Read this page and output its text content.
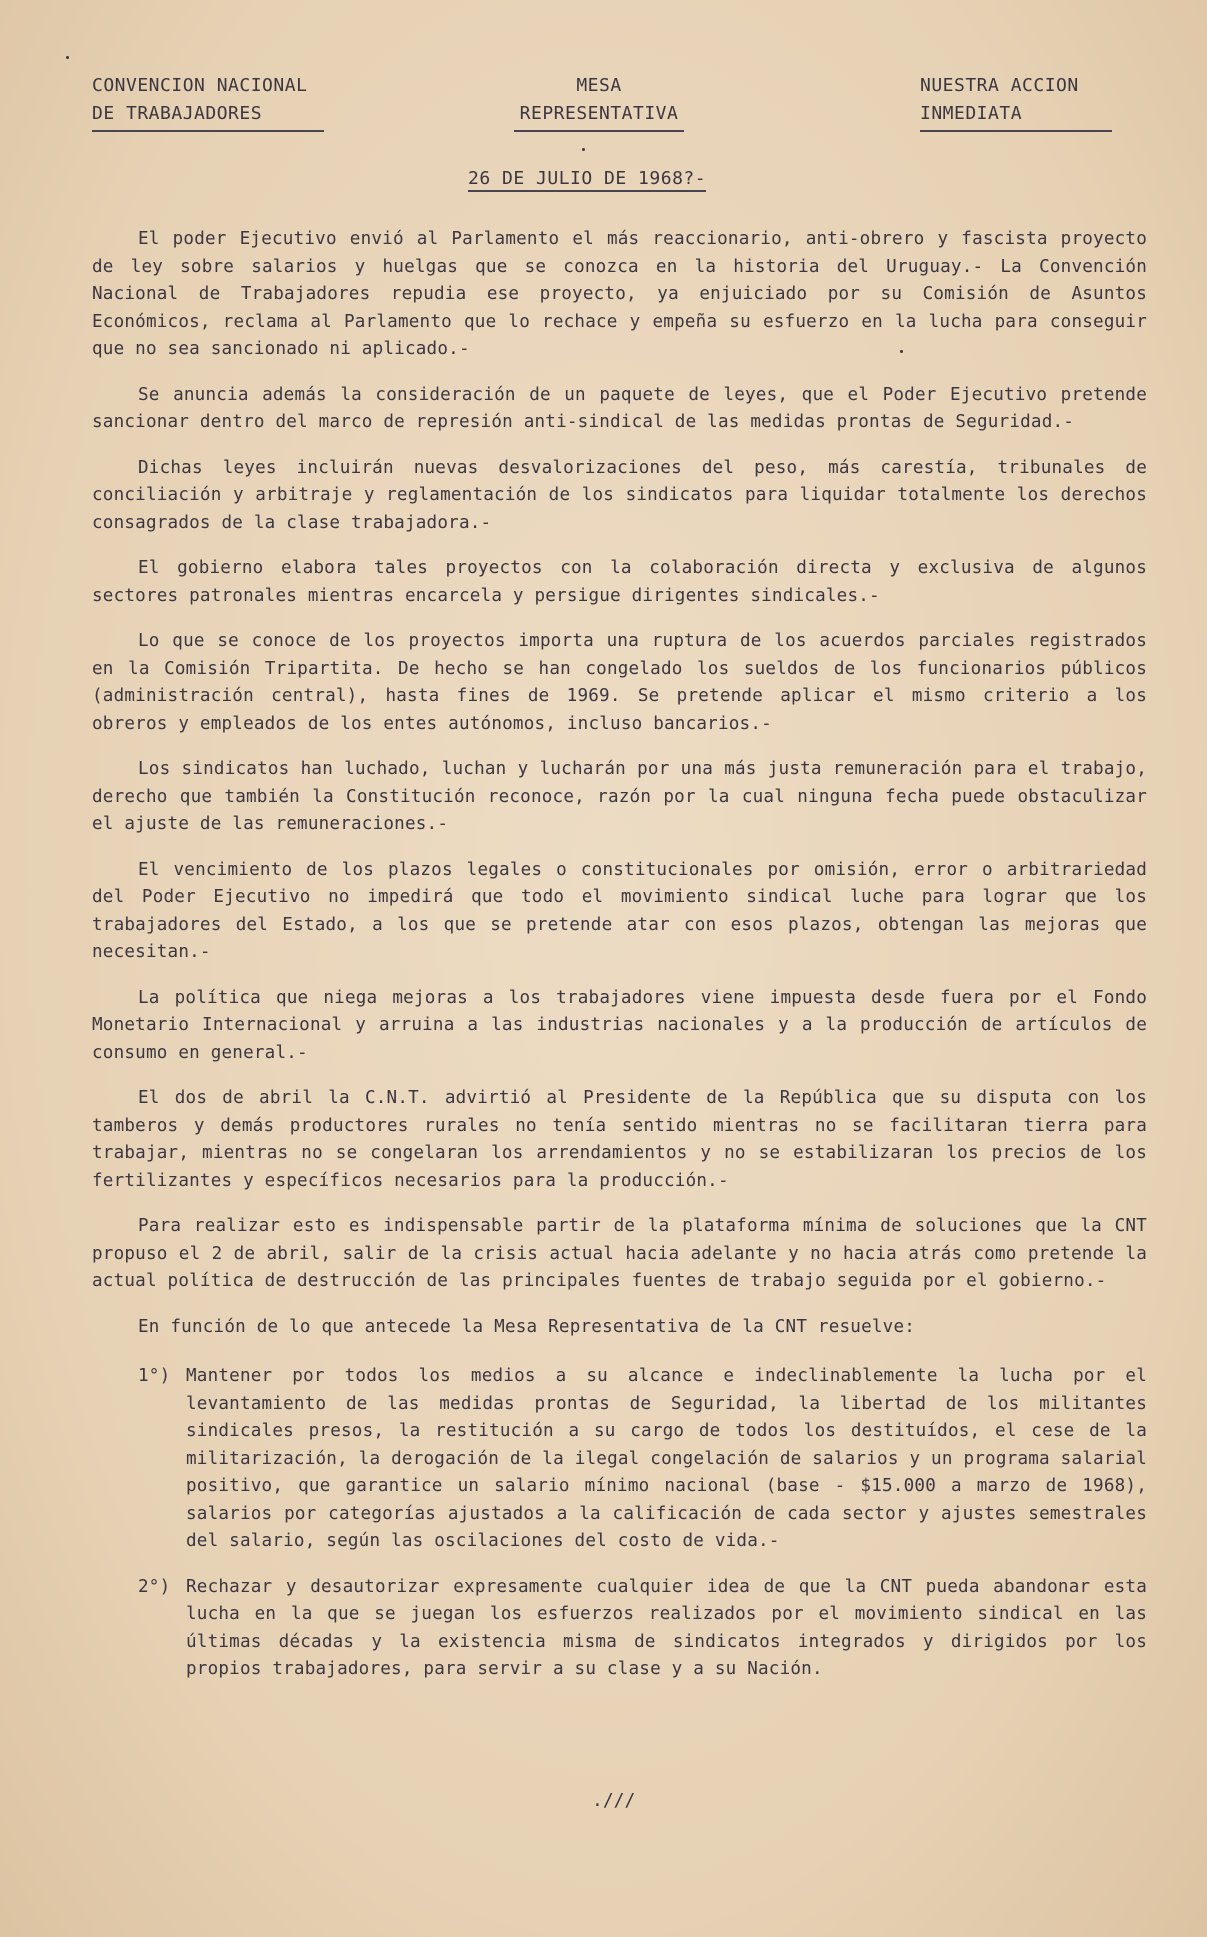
CONVENCION NACIONAL
DE TRABAJADORES
MESA
REPRESENTATIVA
NUESTRA ACCION
INMEDIATA
26 DE JULIO DE 1968?-

El poder Ejecutivo envió al Parlamento el más reaccionario, anti-obrero y fascista proyecto de ley sobre salarios y huelgas que se conozca en la historia del Uruguay.- La Convención Nacional de Trabajadores repudia ese proyecto, ya enjuiciado por su Comisión de Asuntos Económicos, reclama al Parlamento que lo rechace y empeña su esfuerzo en la lucha para conseguir que no sea sancionado ni aplicado.-

Se anuncia además la consideración de un paquete de leyes, que el Poder Ejecutivo pretende sancionar dentro del marco de represión anti-sindical de las medidas prontas de Seguridad.-

Dichas leyes incluirán nuevas desvalorizaciones del peso, más carestía, tribunales de conciliación y arbitraje y reglamentación de los sindicatos para liquidar totalmente los derechos consagrados de la clase trabajadora.-

El gobierno elabora tales proyectos con la colaboración directa y exclusiva de algunos sectores patronales mientras encarcela y persigue dirigentes sindicales.-

Lo que se conoce de los proyectos importa una ruptura de los acuerdos parciales registrados en la Comisión Tripartita. De hecho se han congelado los sueldos de los funcionarios públicos (administración central), hasta fines de 1969. Se pretende aplicar el mismo criterio a los obreros y empleados de los entes autónomos, incluso bancarios.-

Los sindicatos han luchado, luchan y lucharán por una más justa remuneración para el trabajo, derecho que también la Constitución reconoce, razón por la cual ninguna fecha puede obstaculizar el ajuste de las remuneraciones.-

El vencimiento de los plazos legales o constitucionales por omisión, error o arbitrariedad del Poder Ejecutivo no impedirá que todo el movimiento sindical luche para lograr que los trabajadores del Estado, a los que se pretende atar con esos plazos, obtengan las mejoras que necesitan.-

La política que niega mejoras a los trabajadores viene impuesta desde fuera por el Fondo Monetario Internacional y arruina a las industrias nacionales y a la producción de artículos de consumo en general.-

El dos de abril la C.N.T. advirtió al Presidente de la República que su disputa con los tamberos y demás productores rurales no tenía sentido mientras no se facilitaran tierra para trabajar, mientras no se congelaran los arrendamientos y no se estabilizaran los precios de los fertilizantes y específicos necesarios para la producción.-

Para realizar esto es indispensable partir de la plataforma mínima de soluciones que la CNT propuso el 2 de abril, salir de la crisis actual hacia adelante y no hacia atrás como pretende la actual política de destrucción de las principales fuentes de trabajo seguida por el gobierno.-

En función de lo que antecede la Mesa Representativa de la CNT resuelve:

1°) Mantener por todos los medios a su alcance e indeclinablemente la lucha por el levantamiento de las medidas prontas de Seguridad, la libertad de los militantes sindicales presos, la restitución a su cargo de todos los destituídos, el cese de la militarización, la derogación de la ilegal congelación de salarios y un programa salarial positivo, que garantice un salario mínimo nacional (base - $15.000 a marzo de 1968), salarios por categorías ajustados a la calificación de cada sector y ajustes semestrales del salario, según las oscilaciones del costo de vida.-
2°) Rechazar y desautorizar expresamente cualquier idea de que la CNT pueda abandonar esta lucha en la que se juegan los esfuerzos realizados por el movimiento sindical en las últimas décadas y la existencia misma de sindicatos integrados y dirigidos por los propios trabajadores, para servir a su clase y a su Nación.
.///
